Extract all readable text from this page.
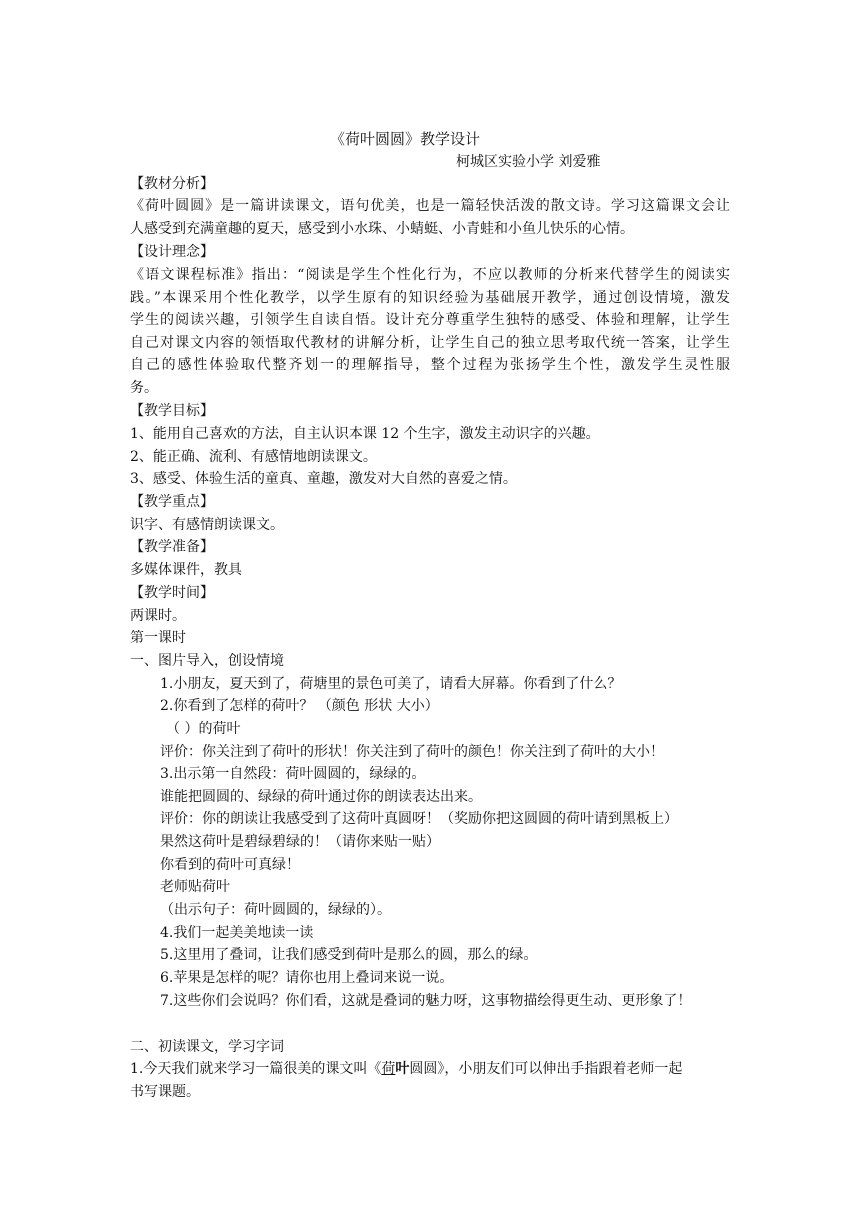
《荷叶圆圆》教学设计
柯城区实验小学 刘爱雅
【教材分析】
《荷叶圆圆》是一篇讲读课文，语句优美，也是一篇轻快活泼的散文诗。学习这篇课文会让
人感受到充满童趣的夏天，感受到小水珠、小蜻蜓、小青蛙和小鱼儿快乐的心情。
【设计理念】
《语文课程标准》指出：“阅读是学生个性化行为，不应以教师的分析来代替学生的阅读实
践。”本课采用个性化教学，以学生原有的知识经验为基础展开教学，通过创设情境，激发
学生的阅读兴趣，引领学生自读自悟。设计充分尊重学生独特的感受、体验和理解，让学生
自己对课文内容的领悟取代教材的讲解分析，让学生自己的独立思考取代统一答案，让学生
自己的感性体验取代整齐划一的理解指导，整个过程为张扬学生个性，激发学生灵性服
务。
【教学目标】
1、能用自己喜欢的方法，自主认识本课 12 个生字，激发主动识字的兴趣。
2、能正确、流利、有感情地朗读课文。
3、感受、体验生活的童真、童趣，激发对大自然的喜爱之情。
【教学重点】
识字、有感情朗读课文。
【教学准备】
多媒体课件，教具
【教学时间】
两课时。
第一课时
一、图片导入，创设情境
1.小朋友，夏天到了，荷塘里的景色可美了，请看大屏幕。你看到了什么？
2.你看到了怎样的荷叶？ （颜色 形状 大小）
（ ）的荷叶
评价：你关注到了荷叶的形状！你关注到了荷叶的颜色！你关注到了荷叶的大小！
3.出示第一自然段：荷叶圆圆的，绿绿的。
谁能把圆圆的、绿绿的荷叶通过你的朗读表达出来。
评价：你的朗读让我感受到了这荷叶真圆呀！（奖励你把这圆圆的荷叶请到黑板上）
果然这荷叶是碧绿碧绿的！（请你来贴一贴）
你看到的荷叶可真绿！
老师贴荷叶
（出示句子：荷叶圆圆的，绿绿的）。
4.我们一起美美地读一读
5.这里用了叠词，让我们感受到荷叶是那么的圆，那么的绿。
6.苹果是怎样的呢？请你也用上叠词来说一说。
7.这些你们会说吗？你们看，这就是叠词的魅力呀，这事物描绘得更生动、更形象了！
二、初读课文，学习字词
1.今天我们就来学习一篇很美的课文叫《荷叶圆圆》，小朋友们可以伸出手指跟着老师一起
书写课题。
